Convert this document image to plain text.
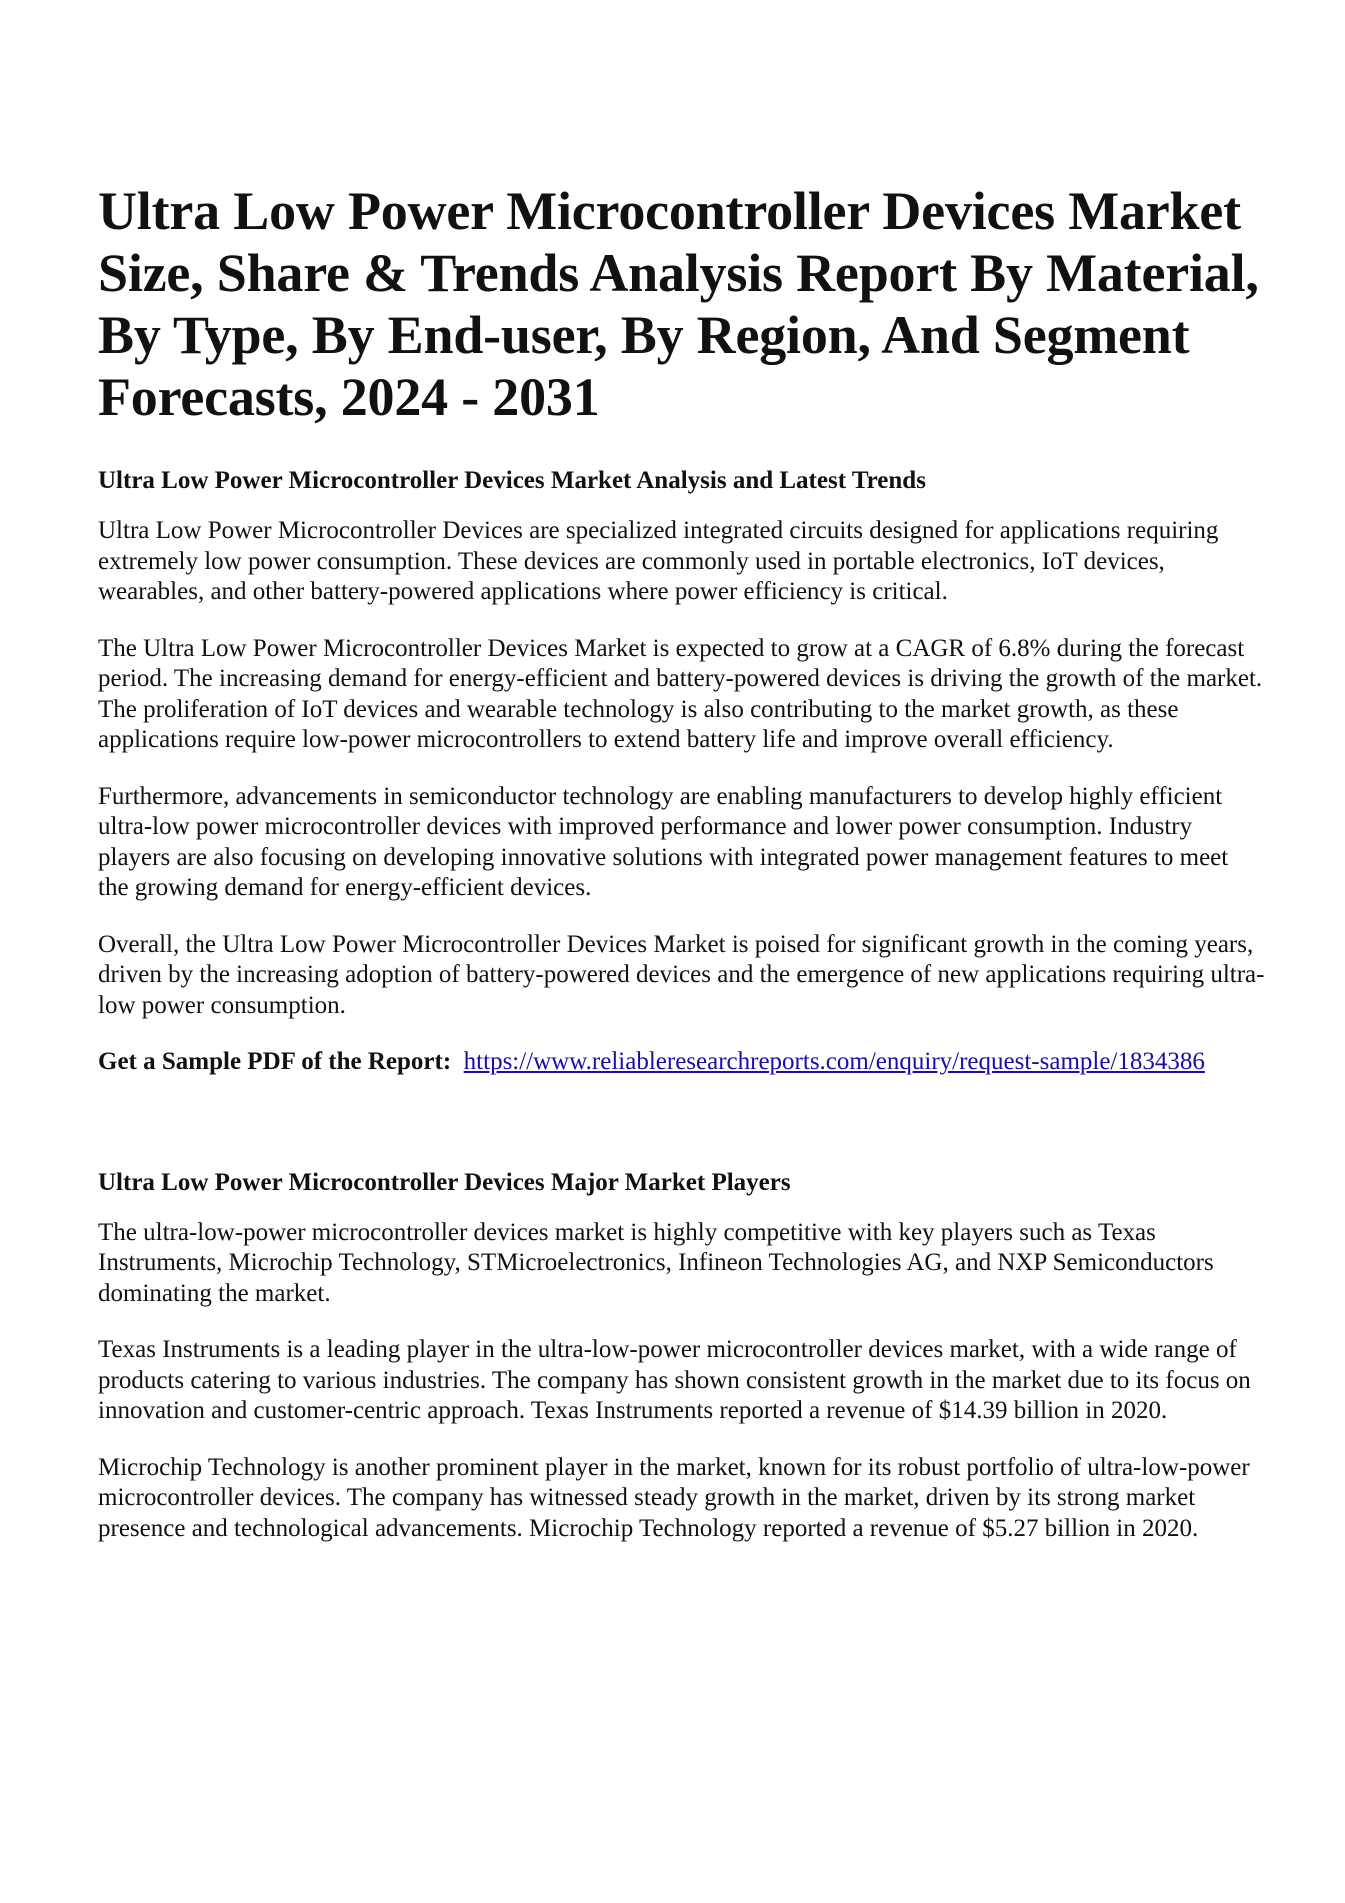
Ultra Low Power Microcontroller Devices Market Size, Share & Trends Analysis Report By Material, By Type, By End-user, By Region, And Segment Forecasts, 2024 - 2031
Ultra Low Power Microcontroller Devices Market Analysis and Latest Trends

Ultra Low Power Microcontroller Devices are specialized integrated circuits designed for applications requiring extremely low power consumption. These devices are commonly used in portable electronics, IoT devices, wearables, and other battery-powered applications where power efficiency is critical.

The Ultra Low Power Microcontroller Devices Market is expected to grow at a CAGR of 6.8% during the forecast period. The increasing demand for energy-efficient and battery-powered devices is driving the growth of the market. The proliferation of IoT devices and wearable technology is also contributing to the market growth, as these applications require low-power microcontrollers to extend battery life and improve overall efficiency.

Furthermore, advancements in semiconductor technology are enabling manufacturers to develop highly efficient ultra-low power microcontroller devices with improved performance and lower power consumption. Industry players are also focusing on developing innovative solutions with integrated power management features to meet the growing demand for energy-efficient devices.

Overall, the Ultra Low Power Microcontroller Devices Market is poised for significant growth in the coming years, driven by the increasing adoption of battery-powered devices and the emergence of new applications requiring ultra-low power consumption.

Get a Sample PDF of the Report: https://www.reliableresearchreports.com/enquiry/request-sample/1834386

Ultra Low Power Microcontroller Devices Major Market Players

The ultra-low-power microcontroller devices market is highly competitive with key players such as Texas Instruments, Microchip Technology, STMicroelectronics, Infineon Technologies AG, and NXP Semiconductors dominating the market.

Texas Instruments is a leading player in the ultra-low-power microcontroller devices market, with a wide range of products catering to various industries. The company has shown consistent growth in the market due to its focus on innovation and customer-centric approach. Texas Instruments reported a revenue of $14.39 billion in 2020.

Microchip Technology is another prominent player in the market, known for its robust portfolio of ultra-low-power microcontroller devices. The company has witnessed steady growth in the market, driven by its strong market presence and technological advancements. Microchip Technology reported a revenue of $5.27 billion in 2020.
